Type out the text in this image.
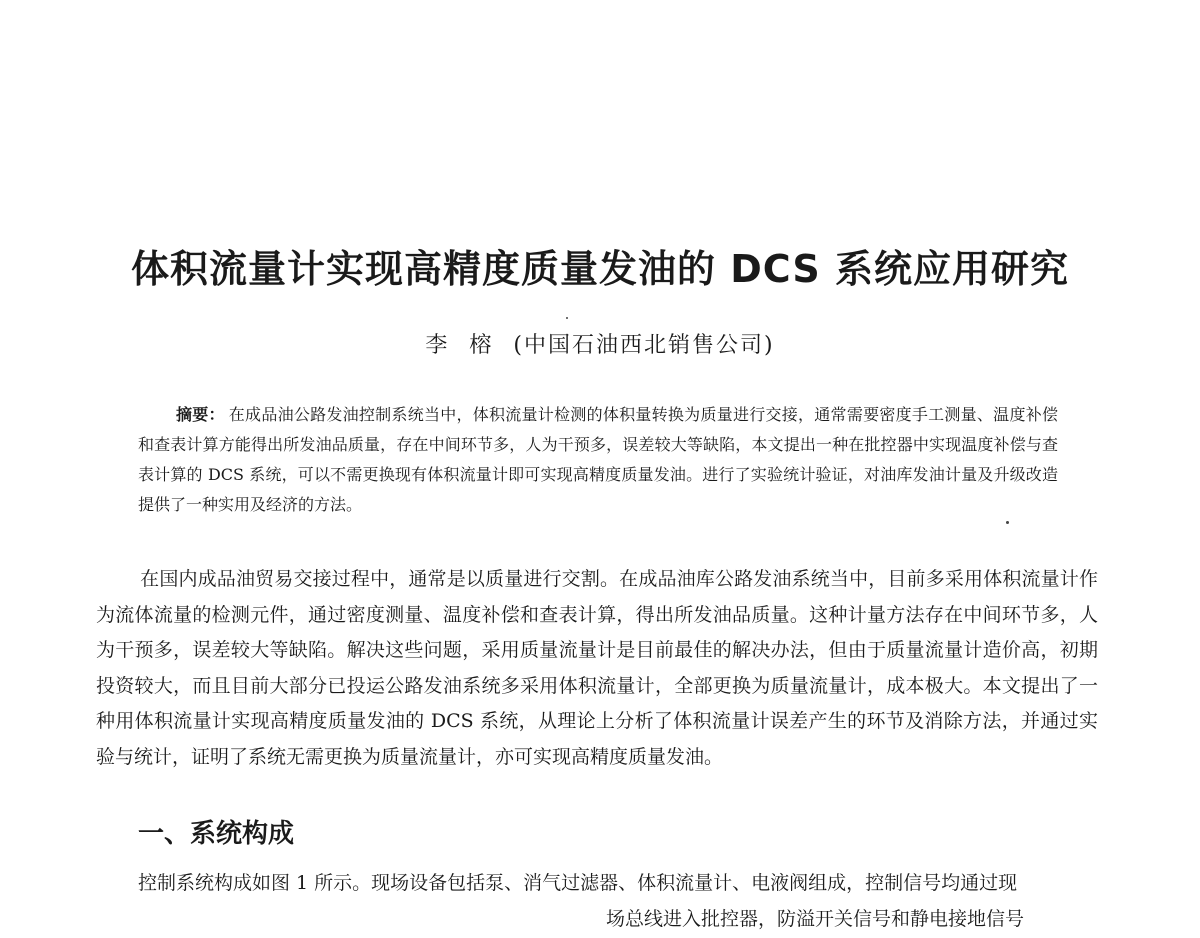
体积流量计实现高精度质量发油的 DCS 系统应用研究
李榕(中国石油西北销售公司)

摘要： 在成品油公路发油控制系统当中，体积流量计检测的体积量转换为质量进行交接，通常需要密度手工测量、温度补偿和查表计算方能得出所发油品质量，存在中间环节多，人为干预多，误差较大等缺陷，本文提出一种在批控器中实现温度补偿与查表计算的 DCS 系统，可以不需更换现有体积流量计即可实现高精度质量发油。进行了实验统计验证，对油库发油计量及升级改造提供了一种实用及经济的方法。

在国内成品油贸易交接过程中，通常是以质量进行交割。在成品油库公路发油系统当中，目前多采用体积流量计作为流体流量的检测元件，通过密度测量、温度补偿和查表计算，得出所发油品质量。这种计量方法存在中间环节多，人为干预多，误差较大等缺陷。解决这些问题，采用质量流量计是目前最佳的解决办法，但由于质量流量计造价高，初期投资较大，而且目前大部分已投运公路发油系统多采用体积流量计，全部更换为质量流量计，成本极大。本文提出了一种用体积流量计实现高精度质量发油的 DCS 系统，从理论上分析了体积流量计误差产生的环节及消除方法，并通过实验与统计，证明了系统无需更换为质量流量计，亦可实现高精度质量发油。

一、系统构成

控制系统构成如图 1 所示。现场设备包括泵、消气过滤器、体积流量计、电液阀组成，控制信号均通过现

场总线进入批控器，防溢开关信号和静电接地信号
